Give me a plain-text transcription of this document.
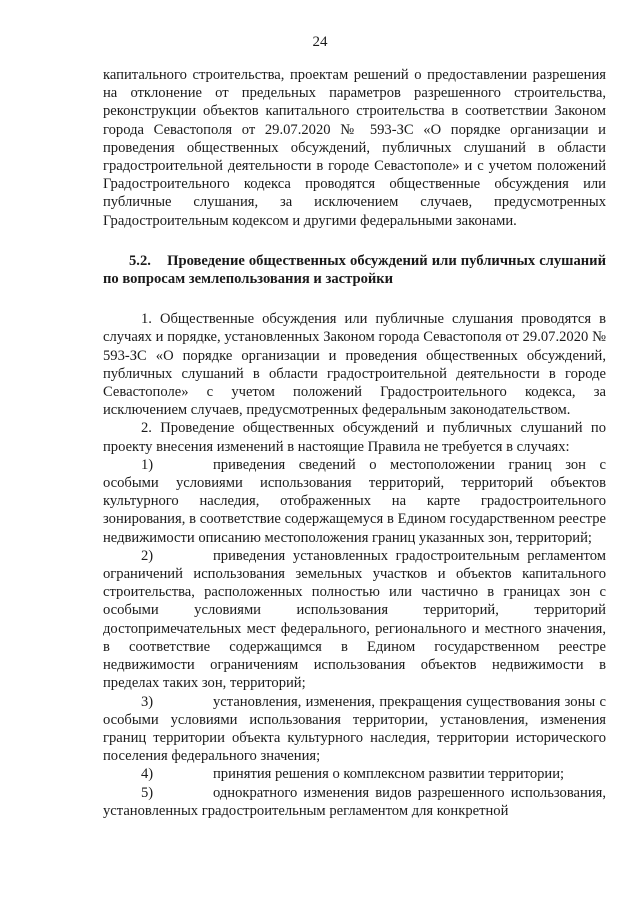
24

капитального строительства, проектам решений о предоставлении разрешения на отклонение от предельных параметров разрешенного строительства, реконструкции объектов капитального строительства в соответствии Законом города Севастополя от 29.07.2020 № 593-ЗС «О порядке организации и проведения общественных обсуждений, публичных слушаний в области градостроительной деятельности в городе Севастополе» и с учетом положений Градостроительного кодекса проводятся общественные обсуждения или публичные слушания, за исключением случаев, предусмотренных Градостроительным кодексом и другими федеральными законами.

5.2. Проведение общественных обсуждений или публичных слушаний по вопросам землепользования и застройки

1. Общественные обсуждения или публичные слушания проводятся в случаях и порядке, установленных Законом города Севастополя от 29.07.2020 № 593-ЗС «О порядке организации и проведения общественных обсуждений, публичных слушаний в области градостроительной деятельности в городе Севастополе» с учетом положений Градостроительного кодекса, за исключением случаев, предусмотренных федеральным законодательством.

2. Проведение общественных обсуждений и публичных слушаний по проекту внесения изменений в настоящие Правила не требуется в случаях:

1)	приведения сведений о местоположении границ зон с особыми условиями использования территорий, территорий объектов культурного наследия, отображенных на карте градостроительного зонирования, в соответствие содержащемуся в Едином государственном реестре недвижимости описанию местоположения границ указанных зон, территорий;

2)	приведения установленных градостроительным регламентом ограничений использования земельных участков и объектов капитального строительства, расположенных полностью или частично в границах зон с особыми условиями использования территорий, территорий достопримечательных мест федерального, регионального и местного значения, в соответствие содержащимся в Едином государственном реестре недвижимости ограничениям использования объектов недвижимости в пределах таких зон, территорий;

3)	установления, изменения, прекращения существования зоны с особыми условиями использования территории, установления, изменения границ территории объекта культурного наследия, территории исторического поселения федерального значения;

4)	принятия решения о комплексном развитии территории;

5)	однократного изменения видов разрешенного использования, установленных градостроительным регламентом для конкретной
